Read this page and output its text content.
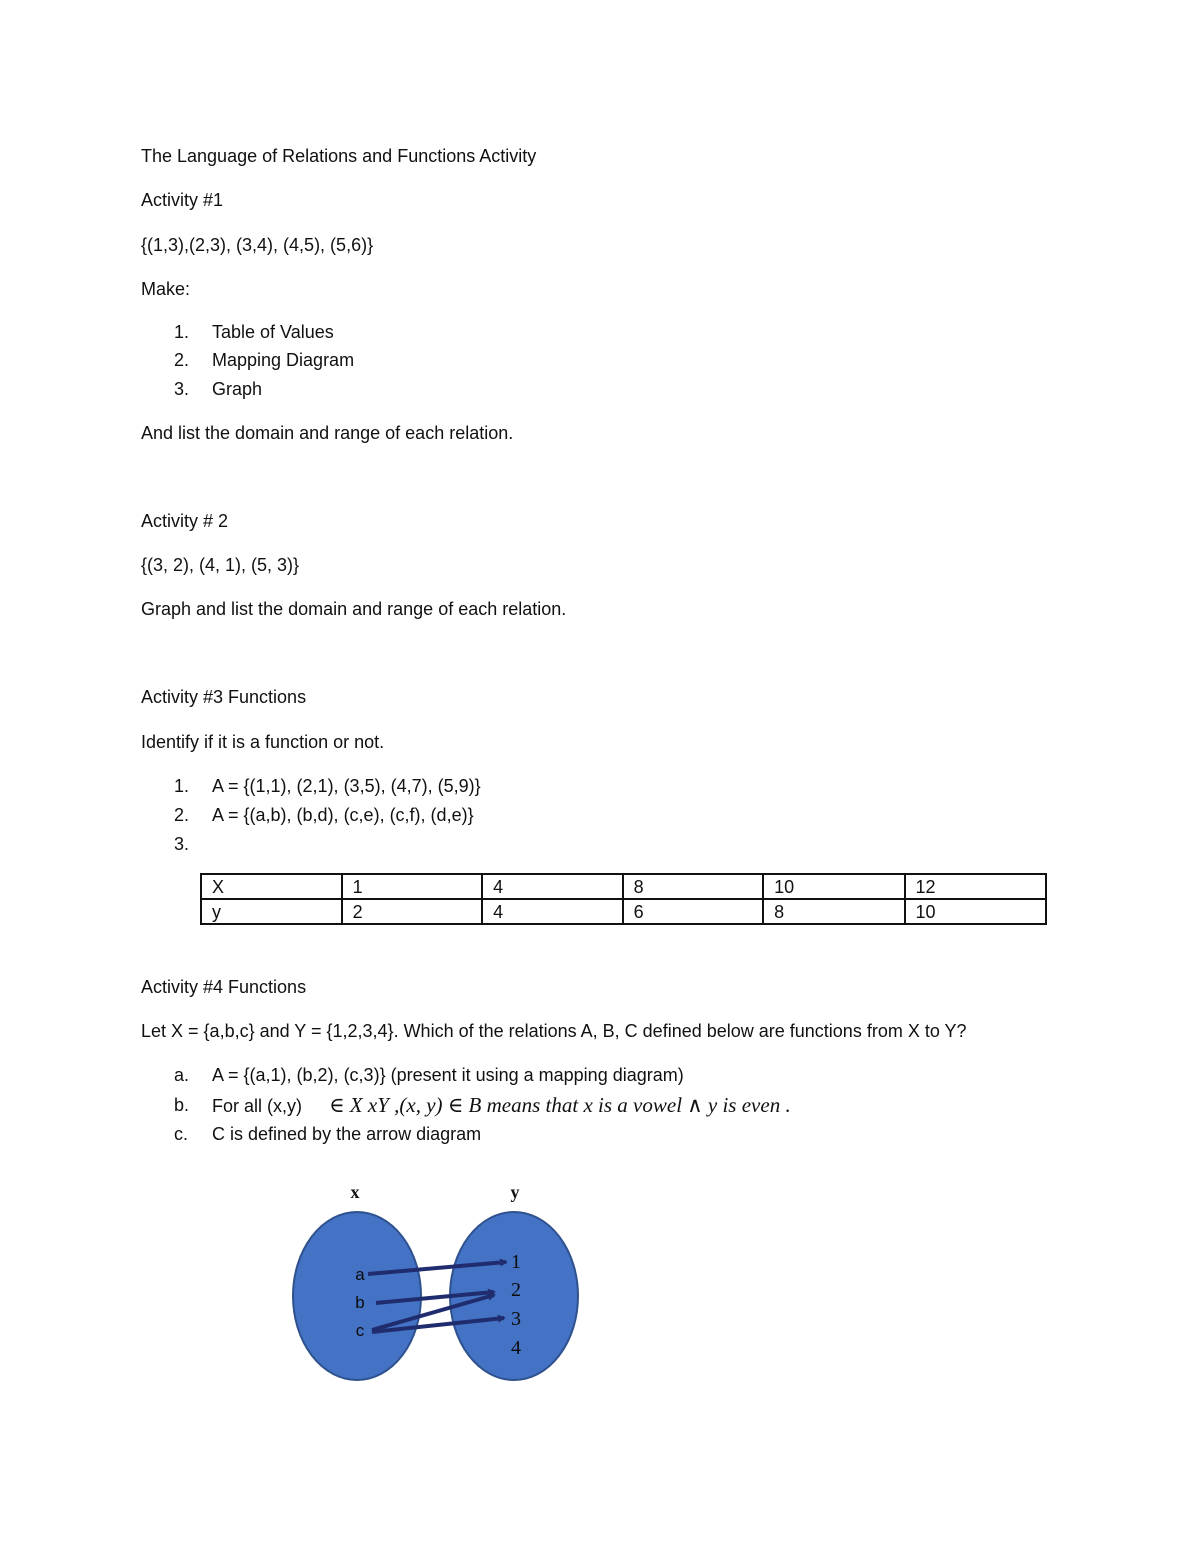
The Language of Relations and Functions Activity
Activity #1
{(1,3),(2,3), (3,4), (4,5), (5,6)}
Make:
1.	Table of Values
2.	Mapping Diagram
3.	Graph
And list the domain and range of each relation.
Activity # 2
{(3, 2), (4, 1), (5, 3)}
Graph and list the domain and range of each relation.
Activity #3 Functions
Identify if it is a function or not.
1.	A = {(1,1), (2,1), (3,5), (4,7), (5,9)}
2.	A = {(a,b), (b,d), (c,e), (c,f), (d,e)}
3.
X	1	4	8	10	12
y	2	4	6	8	10
Activity #4 Functions
Let X = {a,b,c} and Y = {1,2,3,4}. Which of the relations A, B, C defined below are functions from X to Y?
a.	A = {(a,1), (b,2), (c,3)} (present it using a mapping diagram)
b.	For all (x,y) ∈ X xY ,(x, y) ∈ B means that x is a vowel ∧ y is even .
c.	C is defined by the arrow diagram
x	y
a
b
c
1
2
3
4
